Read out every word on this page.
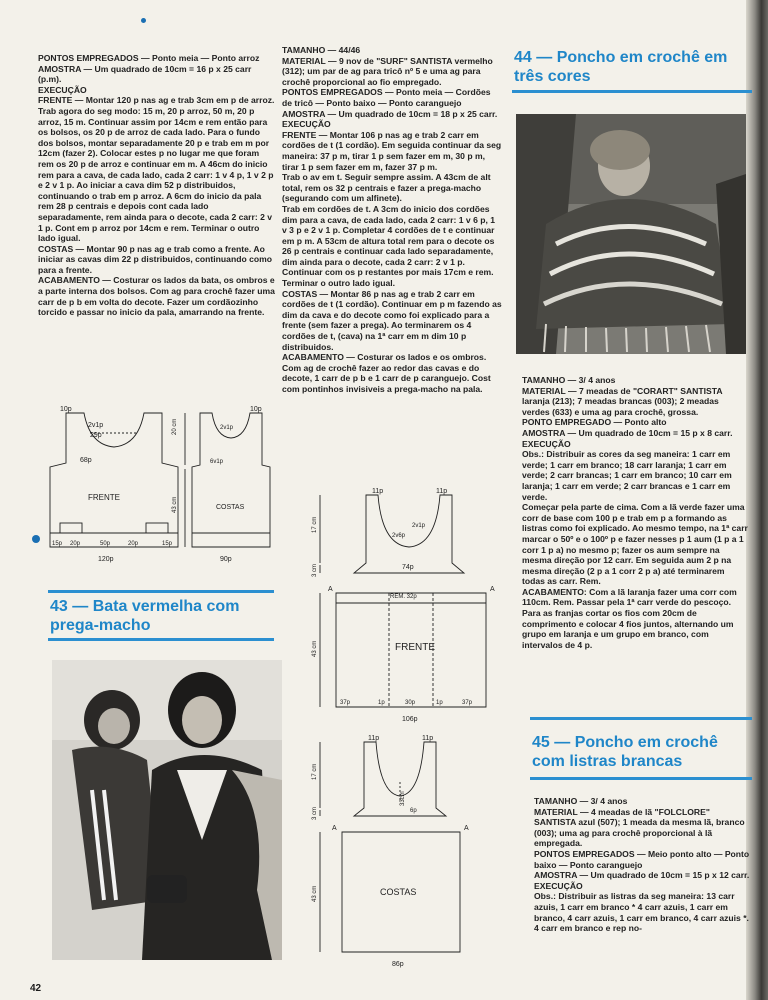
PONTOS EMPREGADOS — Ponto meia — Ponto arroz

AMOSTRA — Um quadrado de 10cm = 16 p x 25 carr (p.m).

EXECUÇÃO

FRENTE — Montar 120 p nas ag e trab 3cm em p de arroz. Trab agora do seg modo: 15 m, 20 p arroz, 50 m, 20 p arroz, 15 m. Continuar assim por 14cm e rem então para os bolsos, os 20 p de arroz de cada lado. Para o fundo dos bolsos, montar separadamente 20 p e trab em m por 12cm (fazer 2). Colocar estes p no lugar me que foram rem os 20 p de arroz e continuar em m. A 46cm do inicio rem para a cava, de cada lado, cada 2 carr: 1 v 4 p, 1 v 2 p e 2 v 1 p. Ao iniciar a cava dim 52 p distribuidos, continuando o trab em p arroz. A 6cm do inicio da pala rem 28 p centrais e depois cont cada lado separadamente, rem ainda para o decote, cada 2 carr: 2 v 1 p. Cont em p arroz por 14cm e rem. Terminar o outro lado igual.

COSTAS — Montar 90 p nas ag e trab como a frente. Ao iniciar as cavas dim 22 p distribuidos, continuando como para a frente.

ACABAMENTO — Costurar os lados da bata, os ombros e a parte interna dos bolsos. Com ag para crochê fazer uma carr de p b em volta do decote. Fazer um cordãozinho torcido e passar no inicio da pala, amarrando na frente.

10p
2v1p
29p
68p
FRENTE
15p 20p	50p	20p	15p
120p
20 cm
43 cm
10p
2v1p
6v1p
COSTAS
90p
43 — Bata vermelha com prega-macho

TAMANHO — 44/46

MATERIAL — 9 nov de "SURF" SANTISTA vermelho (312); um par de ag para tricô nº 5 e uma ag para crochê proporcional ao fio empregado.

PONTOS EMPREGADOS — Ponto meia — Cordões de tricô — Ponto baixo — Ponto caranguejo

AMOSTRA — Um quadrado de 10cm = 18 p x 25 carr.

EXECUÇÃO

FRENTE — Montar 106 p nas ag e trab 2 carr em cordões de t (1 cordão). Em seguida continuar da seg maneira: 37 p m, tirar 1 p sem fazer em m, 30 p m, tirar 1 p sem fazer em m, fazer 37 p m.

Trab o av em t. Seguir sempre assim. A 43cm de alt total, rem os 32 p centrais e fazer a prega-macho (segurando com um alfinete).

Trab em cordões de t. A 3cm do inicio dos cordões dim para a cava, de cada lado, cada 2 carr: 1 v 6 p, 1 v 3 p e 2 v 1 p. Completar 4 cordões de t e continuar em p m. A 53cm de altura total rem para o decote os 26 p centrais e continuar cada lado separadamente, dim ainda para o decote, cada 2 carr: 2 v 1 p. Continuar com os p restantes por mais 17cm e rem. Terminar o outro lado igual.

COSTAS — Montar 86 p nas ag e trab 2 carr em cordões de t (1 cordão). Continuar em p m fazendo as dim da cava e do decote como foi explicado para a frente (sem fazer a prega). Ao terminarem os 4 cordões de t, (cava) na 1ª carr em m dim 10 p distribuidos.

ACABAMENTO — Costurar os lados e os ombros. Com ag de crochê fazer ao redor das cavas e do decote, 1 carr de p b e 1 carr de p caranguejo. Cost com pontinhos invisiveis a prega-macho na pala.

11p	11p
2v1p
2v6p
74p
17 cm
3 cm
A	A
REM. 32p
FRENTE
43 cm
37p	1p	30p	1p	37p
106p
11p	11p
17 cm
3 cm
33cm
6p
A	A
COSTAS
43 cm
86p
44 — Poncho em crochê em três cores

TAMANHO — 3/ 4 anos

MATERIAL — 7 meadas de "CORART" SANTISTA laranja (213); 7 meadas brancas (003); 2 meadas verdes (633) e uma ag para crochê, grossa.

PONTO EMPREGADO — Ponto alto

AMOSTRA — Um quadrado de 10cm = 15 p x 8 carr.

EXECUÇÃO

Obs.: Distribuir as cores da seg maneira: 1 carr em verde; 1 carr em branco; 18 carr laranja; 1 carr em verde; 2 carr brancas; 1 carr em branco; 10 carr em laranja; 1 carr em verde; 2 carr brancas e 1 carr em verde.

Começar pela parte de cima. Com a lã verde fazer uma corr de base com 100 p e trab em p a formando as listras como foi explicado. Ao mesmo tempo, na 1ª carr marcar o 50º e o 100º p e fazer nesses p 1 aum (1 p a 1 corr 1 p a) no mesmo p; fazer os aum sempre na mesma direção por 12 carr. Em seguida aum 2 p na mesma direção (2 p a 1 corr 2 p a) até terminarem todas as carr. Rem.

ACABAMENTO: Com a lã laranja fazer uma corr com 110cm. Rem. Passar pela 1ª carr verde do pescoço. Para as franjas cortar os fios com 20cm de comprimento e colocar 4 fios juntos, alternando um grupo em laranja e um grupo em branco, com intervalos de 4 p.

45 — Poncho em crochê com listras brancas

TAMANHO — 3/ 4 anos

MATERIAL — 4 meadas de lã "FOLCLORE" SANTISTA azul (507); 1 meada da mesma lã, branco (003); uma ag para crochê proporcional à lã empregada.

PONTOS EMPREGADOS — Meio ponto alto — Ponto baixo — Ponto caranguejo

AMOSTRA — Um quadrado de 10cm = 15 p x 12 carr.

EXECUÇÃO

Obs.: Distribuir as listras da seg maneira: 13 carr azuis, 1 carr em branco * 4 carr azuis, 1 carr em branco, 4 carr azuis, 1 carr em branco, 4 carr azuis *. 4 carr em branco e rep no-

42
